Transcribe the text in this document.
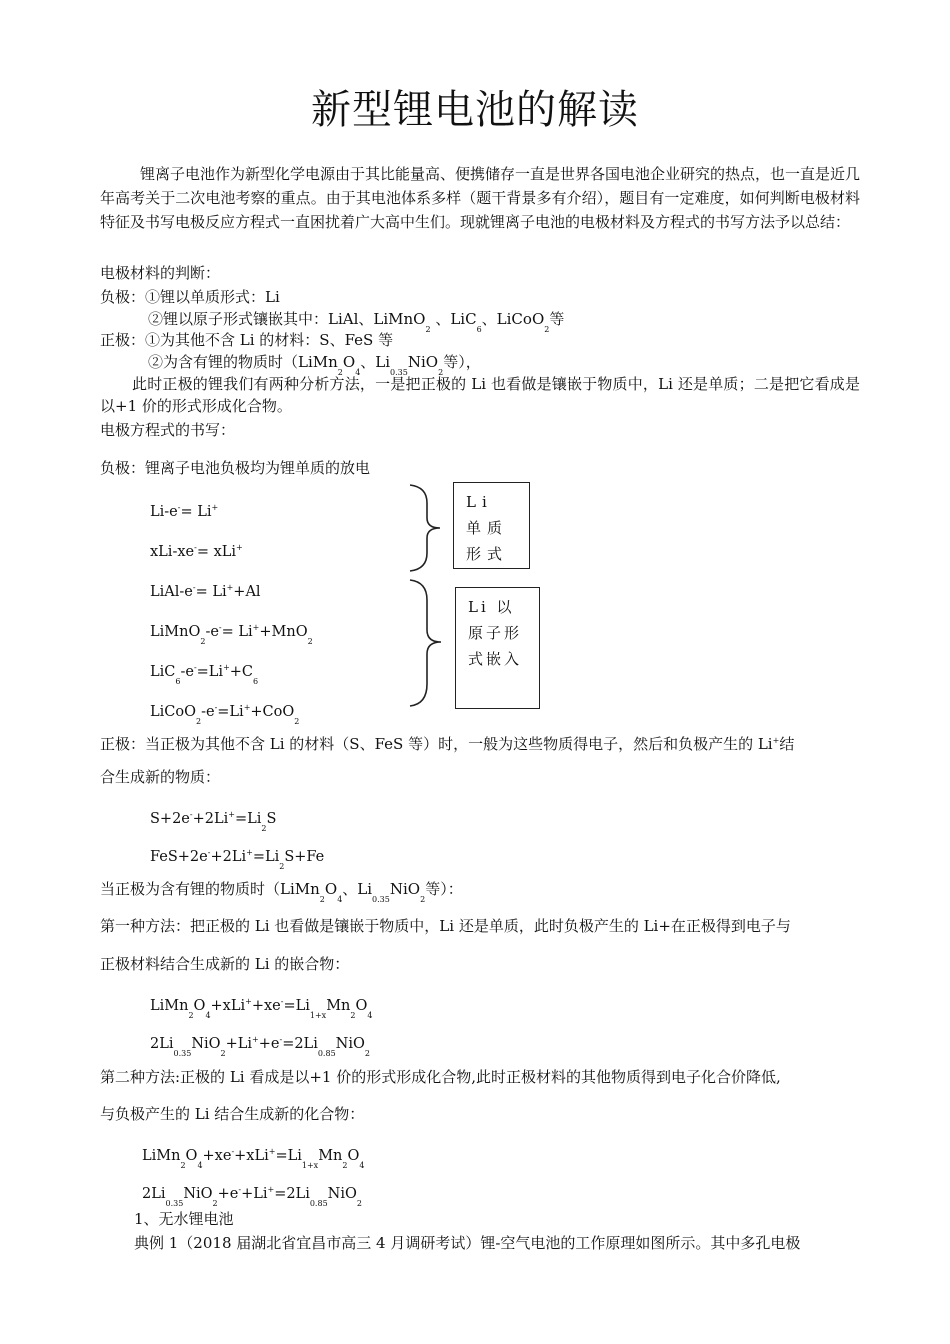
新型锂电池的解读
锂离子电池作为新型化学电源由于其比能量高、便携储存一直是世界各国电池企业研究的热点，也一直是近几年高考关于二次电池考察的重点。由于其电池体系多样（题干背景多有介绍），题目有一定难度，如何判断电极材料特征及书写电极反应方程式一直困扰着广大高中生们。现就锂离子电池的电极材料及方程式的书写方法予以总结：
电极材料的判断：
负极：①锂以单质形式：Li
②锂以原子形式镶嵌其中：LiAl、LiMnO$_2$ 、LiC$_6$、LiCoO$_2$等
正极：①为其他不含 Li 的材料：S、FeS 等
②为含有锂的物质时（$LiMn_2O_4$、$Li_{0.35}NiO_2$等），
此时正极的锂我们有两种分析方法，一是把正极的 Li 也看做是镶嵌于物质中，Li 还是单质；二是把它看成是以+1 价的形式形成化合物。
电极方程式的书写：
负极：锂离子电池负极均为锂单质的放电
Li-e-= Li+
xLi-xe-= xLi+
LiAl-e-= Li++Al
LiMnO$_2$-e-= Li++MnO$_2$
$LiC_6-e^-=Li^++C_6$
LiCoO$_2$-e-=Li++CoO$_2$
Li　单质　形式
Li 以原子形式嵌入
正极：当正极为其他不含 Li 的材料（S、FeS 等）时，一般为这些物质得电子，然后和负极产生的 Li+结
合生成新的物质：
$S+2e^-+2Li^+=Li_2S$
$FeS+2e^-+2Li^+=Li_2S+Fe$
当正极为含有锂的物质时（$LiMn_2O_4$、$Li_{0.35}NiO_2$等）：
第一种方法：把正极的 Li 也看做是镶嵌于物质中，Li 还是单质，此时负极产生的 Li+在正极得到电子与
正极材料结合生成新的 Li 的嵌合物：
$LiMn_2O_4+xLi^++xe^-=Li_{1+x}Mn_2O_4$
$2Li_{0.35}NiO_2+Li^++e^-=2Li_{0.85}NiO_2$
第二种方法:正极的 Li 看成是以+1 价的形式形成化合物,此时正极材料的其他物质得到电子化合价降低,
与负极产生的 Li 结合生成新的化合物：
$LiMn_2O_4+xe^-+xLi^+=Li_{1+x}Mn_2O_4$
$2Li_{0.35}NiO_2+e^-+Li^+=2Li_{0.85}NiO_2$
1、无水锂电池
典例 1（2018 届湖北省宜昌市高三 4 月调研考试）锂-空气电池的工作原理如图所示。其中多孔电极
